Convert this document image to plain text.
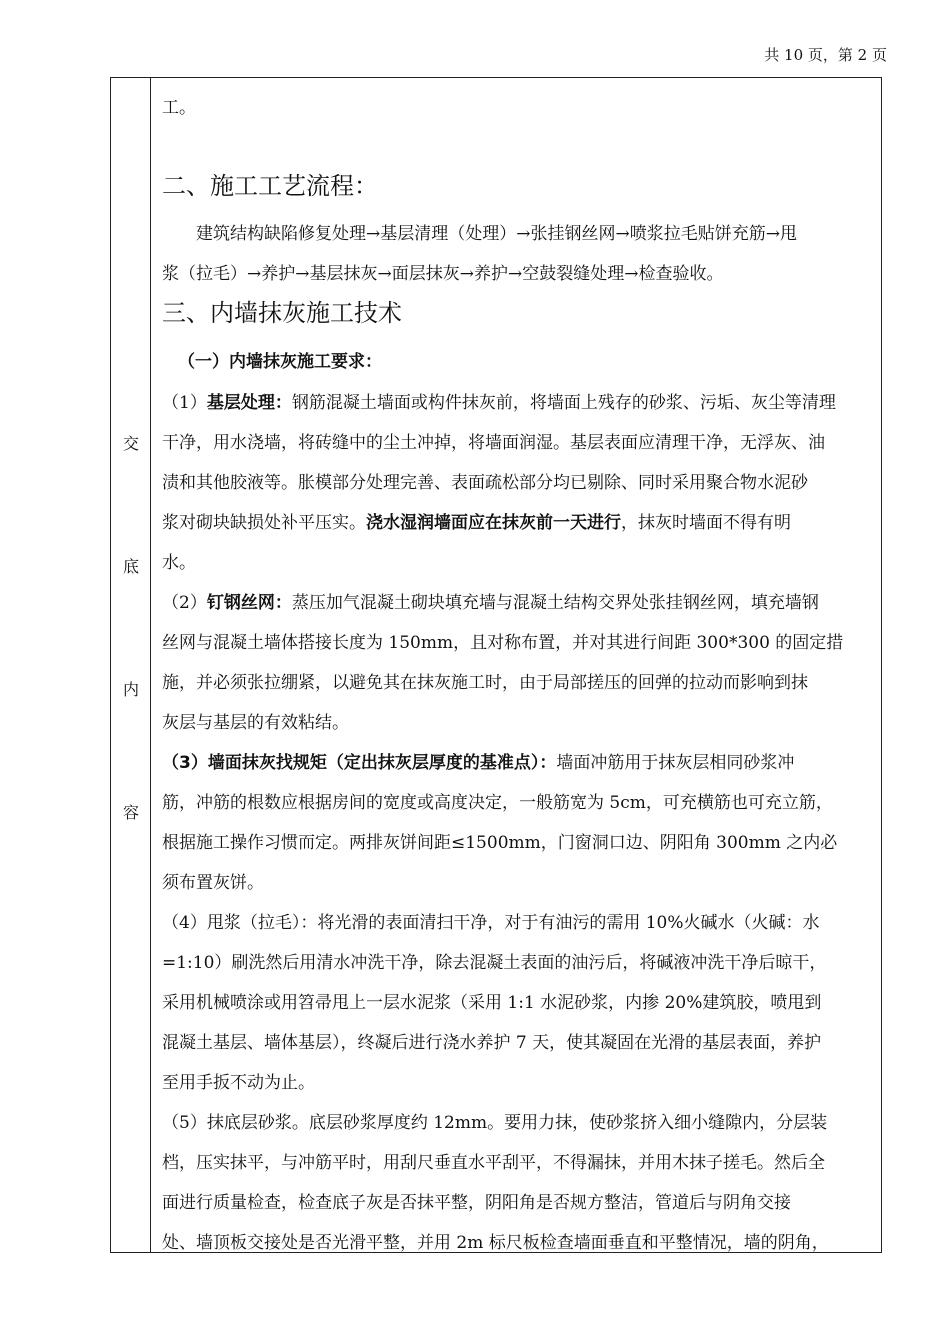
共 10 页，第 2 页
交
底
内
容
工。
二、施工工艺流程：
建筑结构缺陷修复处理→基层清理（处理）→张挂钢丝网→喷浆拉毛贴饼充筋→甩
浆（拉毛）→养护→基层抹灰→面层抹灰→养护→空鼓裂缝处理→检查验收。
三、内墙抹灰施工技术
（一）内墙抹灰施工要求：
（1）基层处理：钢筋混凝土墙面或构件抹灰前，将墙面上残存的砂浆、污垢、灰尘等清理
干净，用水浇墙，将砖缝中的尘土冲掉，将墙面润湿。基层表面应清理干净，无浮灰、油
渍和其他胶液等。胀模部分处理完善、表面疏松部分均已剔除、同时采用聚合物水泥砂
浆对砌块缺损处补平压实。浇水湿润墙面应在抹灰前一天进行，抹灰时墙面不得有明
水。
（2）钉钢丝网：蒸压加气混凝土砌块填充墙与混凝土结构交界处张挂钢丝网，填充墙钢
丝网与混凝土墙体搭接长度为 150mm，且对称布置，并对其进行间距 300*300 的固定措
施，并必须张拉绷紧，以避免其在抹灰施工时，由于局部搓压的回弹的拉动而影响到抹
灰层与基层的有效粘结。
（3）墙面抹灰找规矩（定出抹灰层厚度的基准点）：墙面冲筋用于抹灰层相同砂浆冲
筋，冲筋的根数应根据房间的宽度或高度决定，一般筋宽为 5cm，可充横筋也可充立筋，
根据施工操作习惯而定。两排灰饼间距≤1500mm，门窗洞口边、阴阳角 300mm 之内必
须布置灰饼。
（4）甩浆（拉毛）：将光滑的表面清扫干净，对于有油污的需用 10%火碱水（火碱：水
=1:10）刷洗然后用清水冲洗干净，除去混凝土表面的油污后，将碱液冲洗干净后晾干，
采用机械喷涂或用笤帚甩上一层水泥浆（采用 1:1 水泥砂浆，内掺 20%建筑胶，喷甩到
混凝土基层、墙体基层），终凝后进行浇水养护 7 天，使其凝固在光滑的基层表面，养护
至用手扳不动为止。
（5）抹底层砂浆。底层砂浆厚度约 12mm。要用力抹，使砂浆挤入细小缝隙内，分层装
档，压实抹平，与冲筋平时，用刮尺垂直水平刮平，不得漏抹，并用木抹子搓毛。然后全
面进行质量检查，检查底子灰是否抹平整，阴阳角是否规方整洁，管道后与阴角交接
处、墙顶板交接处是否光滑平整，并用 2m 标尺板检查墙面垂直和平整情况，墙的阴角，
